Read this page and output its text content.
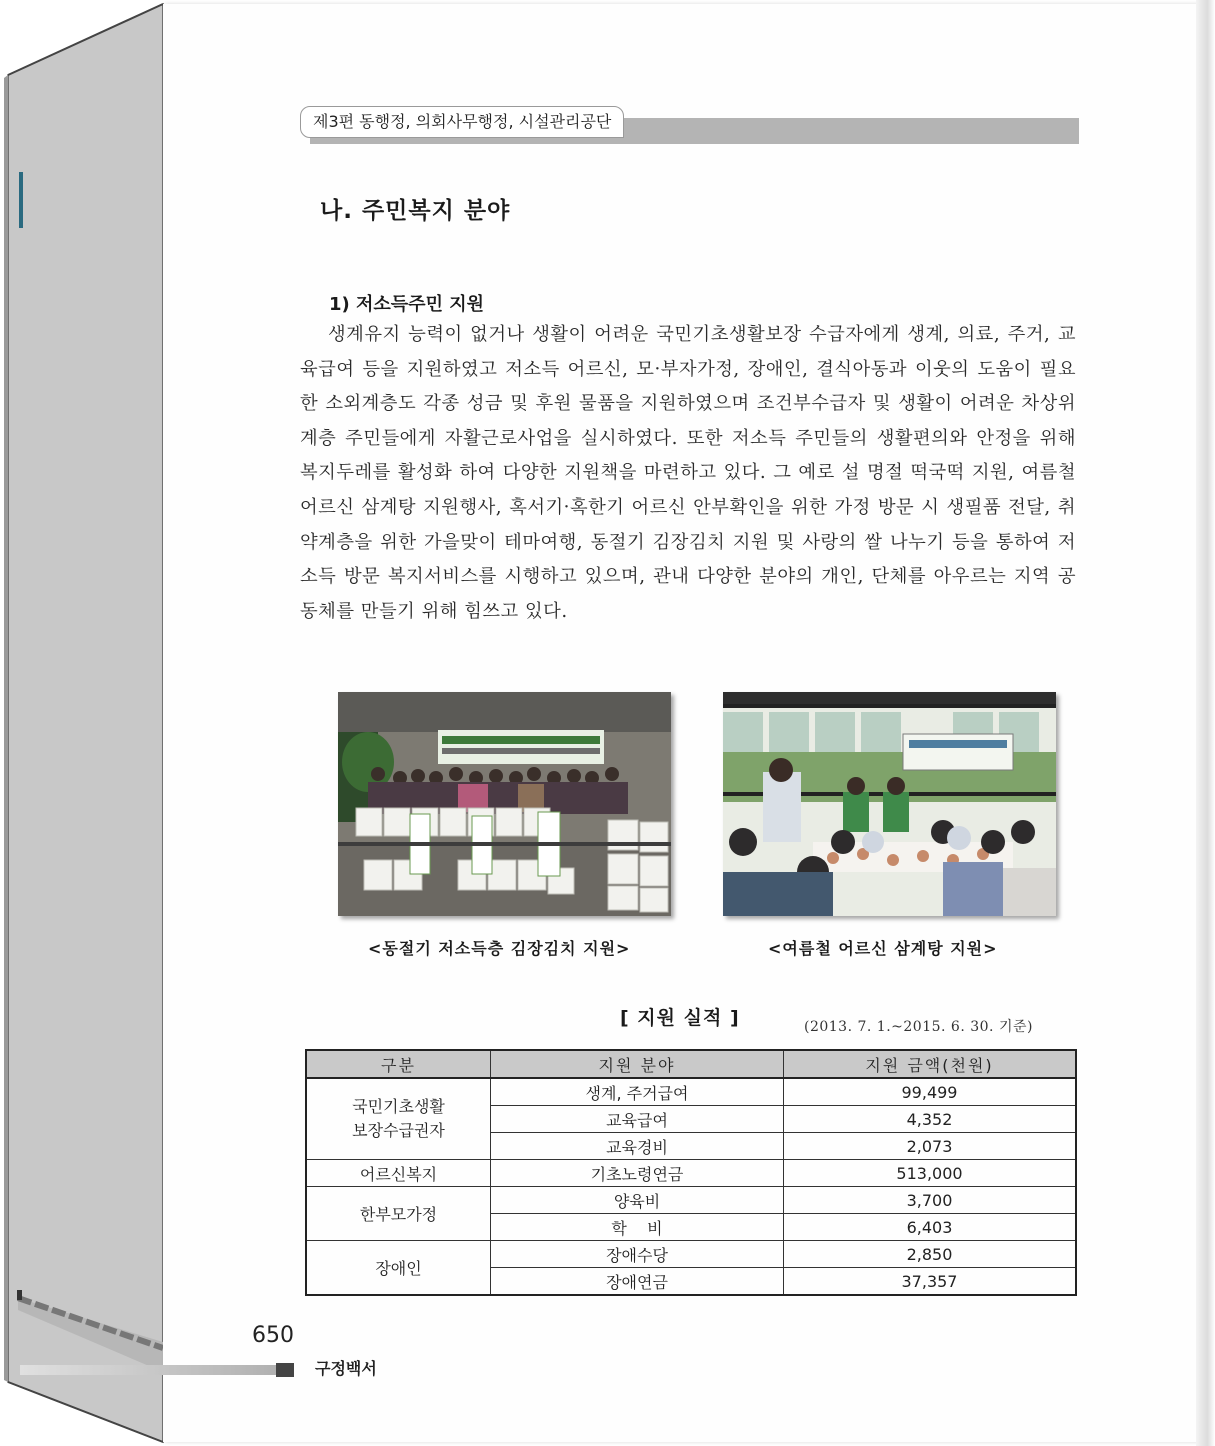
제3편 동행정, 의회사무행정, 시설관리공단
나. 주민복지 분야
1) 저소득주민 지원

생계유지 능력이 없거나 생활이 어려운 국민기초생활보장 수급자에게 생계, 의료, 주거, 교육급여 등을 지원하였고 저소득 어르신, 모·부자가정, 장애인, 결식아동과 이웃의 도움이 필요한 소외계층도 각종 성금 및 후원 물품을 지원하였으며 조건부수급자 및 생활이 어려운 차상위 계층 주민들에게 자활근로사업을 실시하였다. 또한 저소득 주민들의 생활편의와 안정을 위해 복지두레를 활성화 하여 다양한 지원책을 마련하고 있다. 그 예로 설 명절 떡국떡 지원, 여름철 어르신 삼계탕 지원행사, 혹서기·혹한기 어르신 안부확인을 위한 가정 방문 시 생필품 전달, 취약계층을 위한 가을맞이 테마여행, 동절기 김장김치 지원 및 사랑의 쌀 나누기 등을 통하여 저소득 방문 복지서비스를 시행하고 있으며, 관내 다양한 분야의 개인, 단체를 아우르는 지역 공동체를 만들기 위해 힘쓰고 있다.

<동절기 저소득층 김장김치 지원>	<여름철 어르신 삼계탕 지원>
[ 지원 실적 ]	(2013. 7. 1.~2015. 6. 30. 기준)
구분	지원 분야	지원 금액(천원)
국민기초생활
보장수급권자	생계, 주거급여	99,499
	교육급여	4,352
	교육경비	2,073
어르신복지	기초노령연금	513,000
한부모가정	양육비	3,700
	학    비	6,403
장애인	장애수당	2,850
	장애연금	37,357
650
구정백서
